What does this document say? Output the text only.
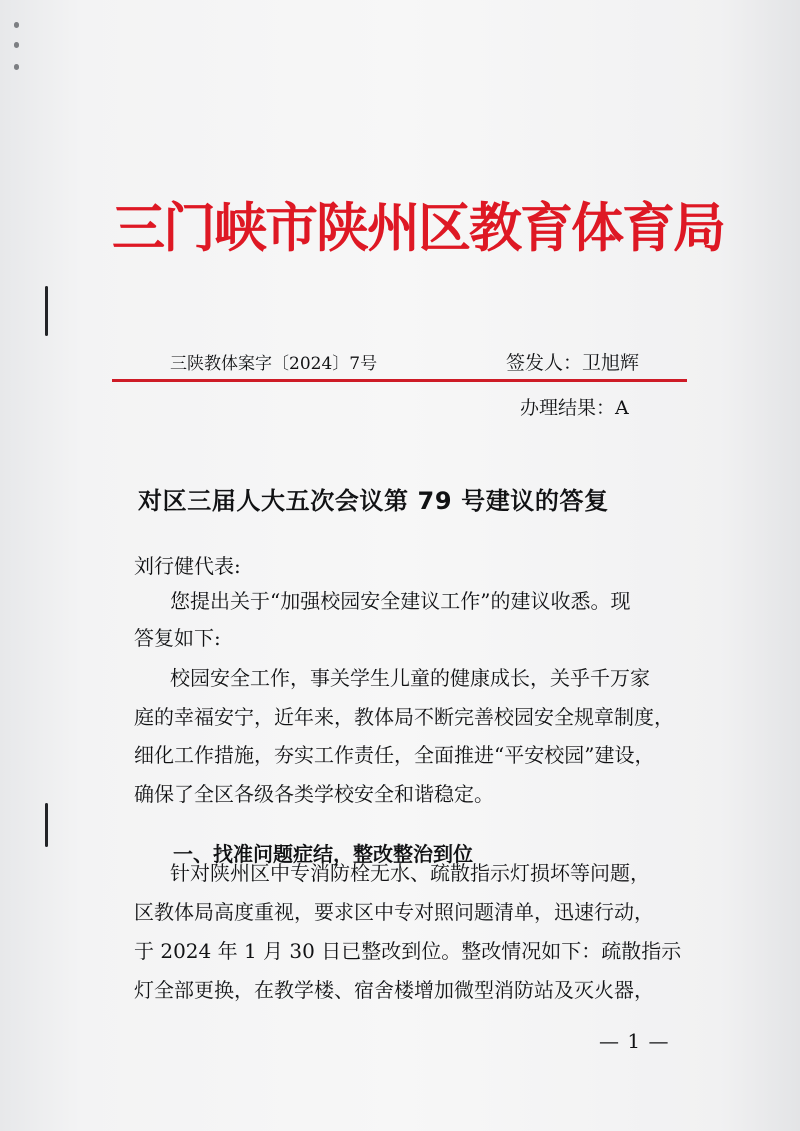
三门峡市陕州区教育体育局
三陕教体案字〔2024〕7号	签发人：卫旭辉
办理结果：A
对区三届人大五次会议第 79 号建议的答复
刘行健代表:
您提出关于“加强校园安全建议工作”的建议收悉。现
答复如下:
校园安全工作，事关学生儿童的健康成长，关乎千万家
庭的幸福安宁，近年来，教体局不断完善校园安全规章制度，
细化工作措施，夯实工作责任，全面推进“平安校园”建设，
确保了全区各级各类学校安全和谐稳定。
一、找准问题症结，整改整治到位
针对陕州区中专消防栓无水、疏散指示灯损坏等问题，
区教体局高度重视，要求区中专对照问题清单，迅速行动，
于 2024 年 1 月 30 日已整改到位。整改情况如下：疏散指示
灯全部更换，在教学楼、宿舍楼增加微型消防站及灭火器，
— 1 —
